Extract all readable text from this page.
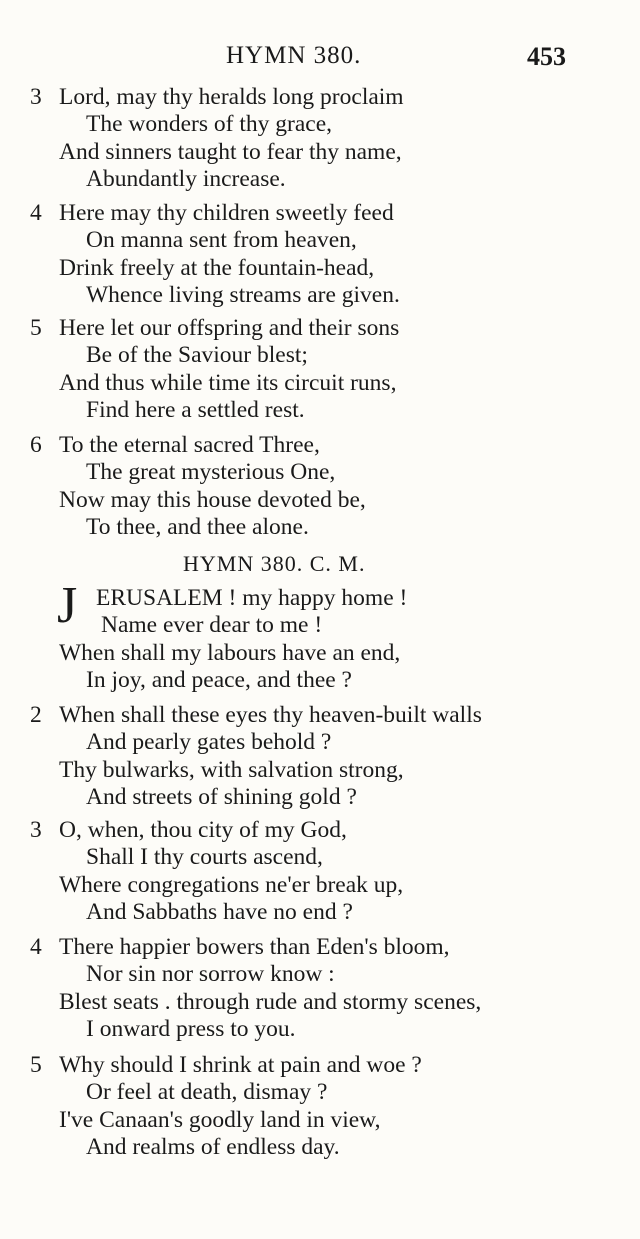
HYMN 380.	453
3 Lord, may thy heralds long proclaim
The wonders of thy grace,
And sinners taught to fear thy name,
Abundantly increase.
4 Here may thy children sweetly feed
On manna sent from heaven,
Drink freely at the fountain-head,
Whence living streams are given.
5 Here let our offspring and their sons
Be of the Saviour blest;
And thus while time its circuit runs,
Find here a settled rest.
6 To the eternal sacred Three,
The great mysterious One,
Now may this house devoted be,
To thee, and thee alone.
HYMN 380. C. M.
J ERUSALEM ! my happy home !
Name ever dear to me !
When shall my labours have an end,
In joy, and peace, and thee ?
2 When shall these eyes thy heaven-built walls
And pearly gates behold ?
Thy bulwarks, with salvation strong,
And streets of shining gold ?
3 O, when, thou city of my God,
Shall I thy courts ascend,
Where congregations ne'er break up,
And Sabbaths have no end ?
4 There happier bowers than Eden's bloom,
Nor sin nor sorrow know :
Blest seats . through rude and stormy scenes,
I onward press to you.
5 Why should I shrink at pain and woe ?
Or feel at death, dismay ?
I've Canaan's goodly land in view,
And realms of endless day.
